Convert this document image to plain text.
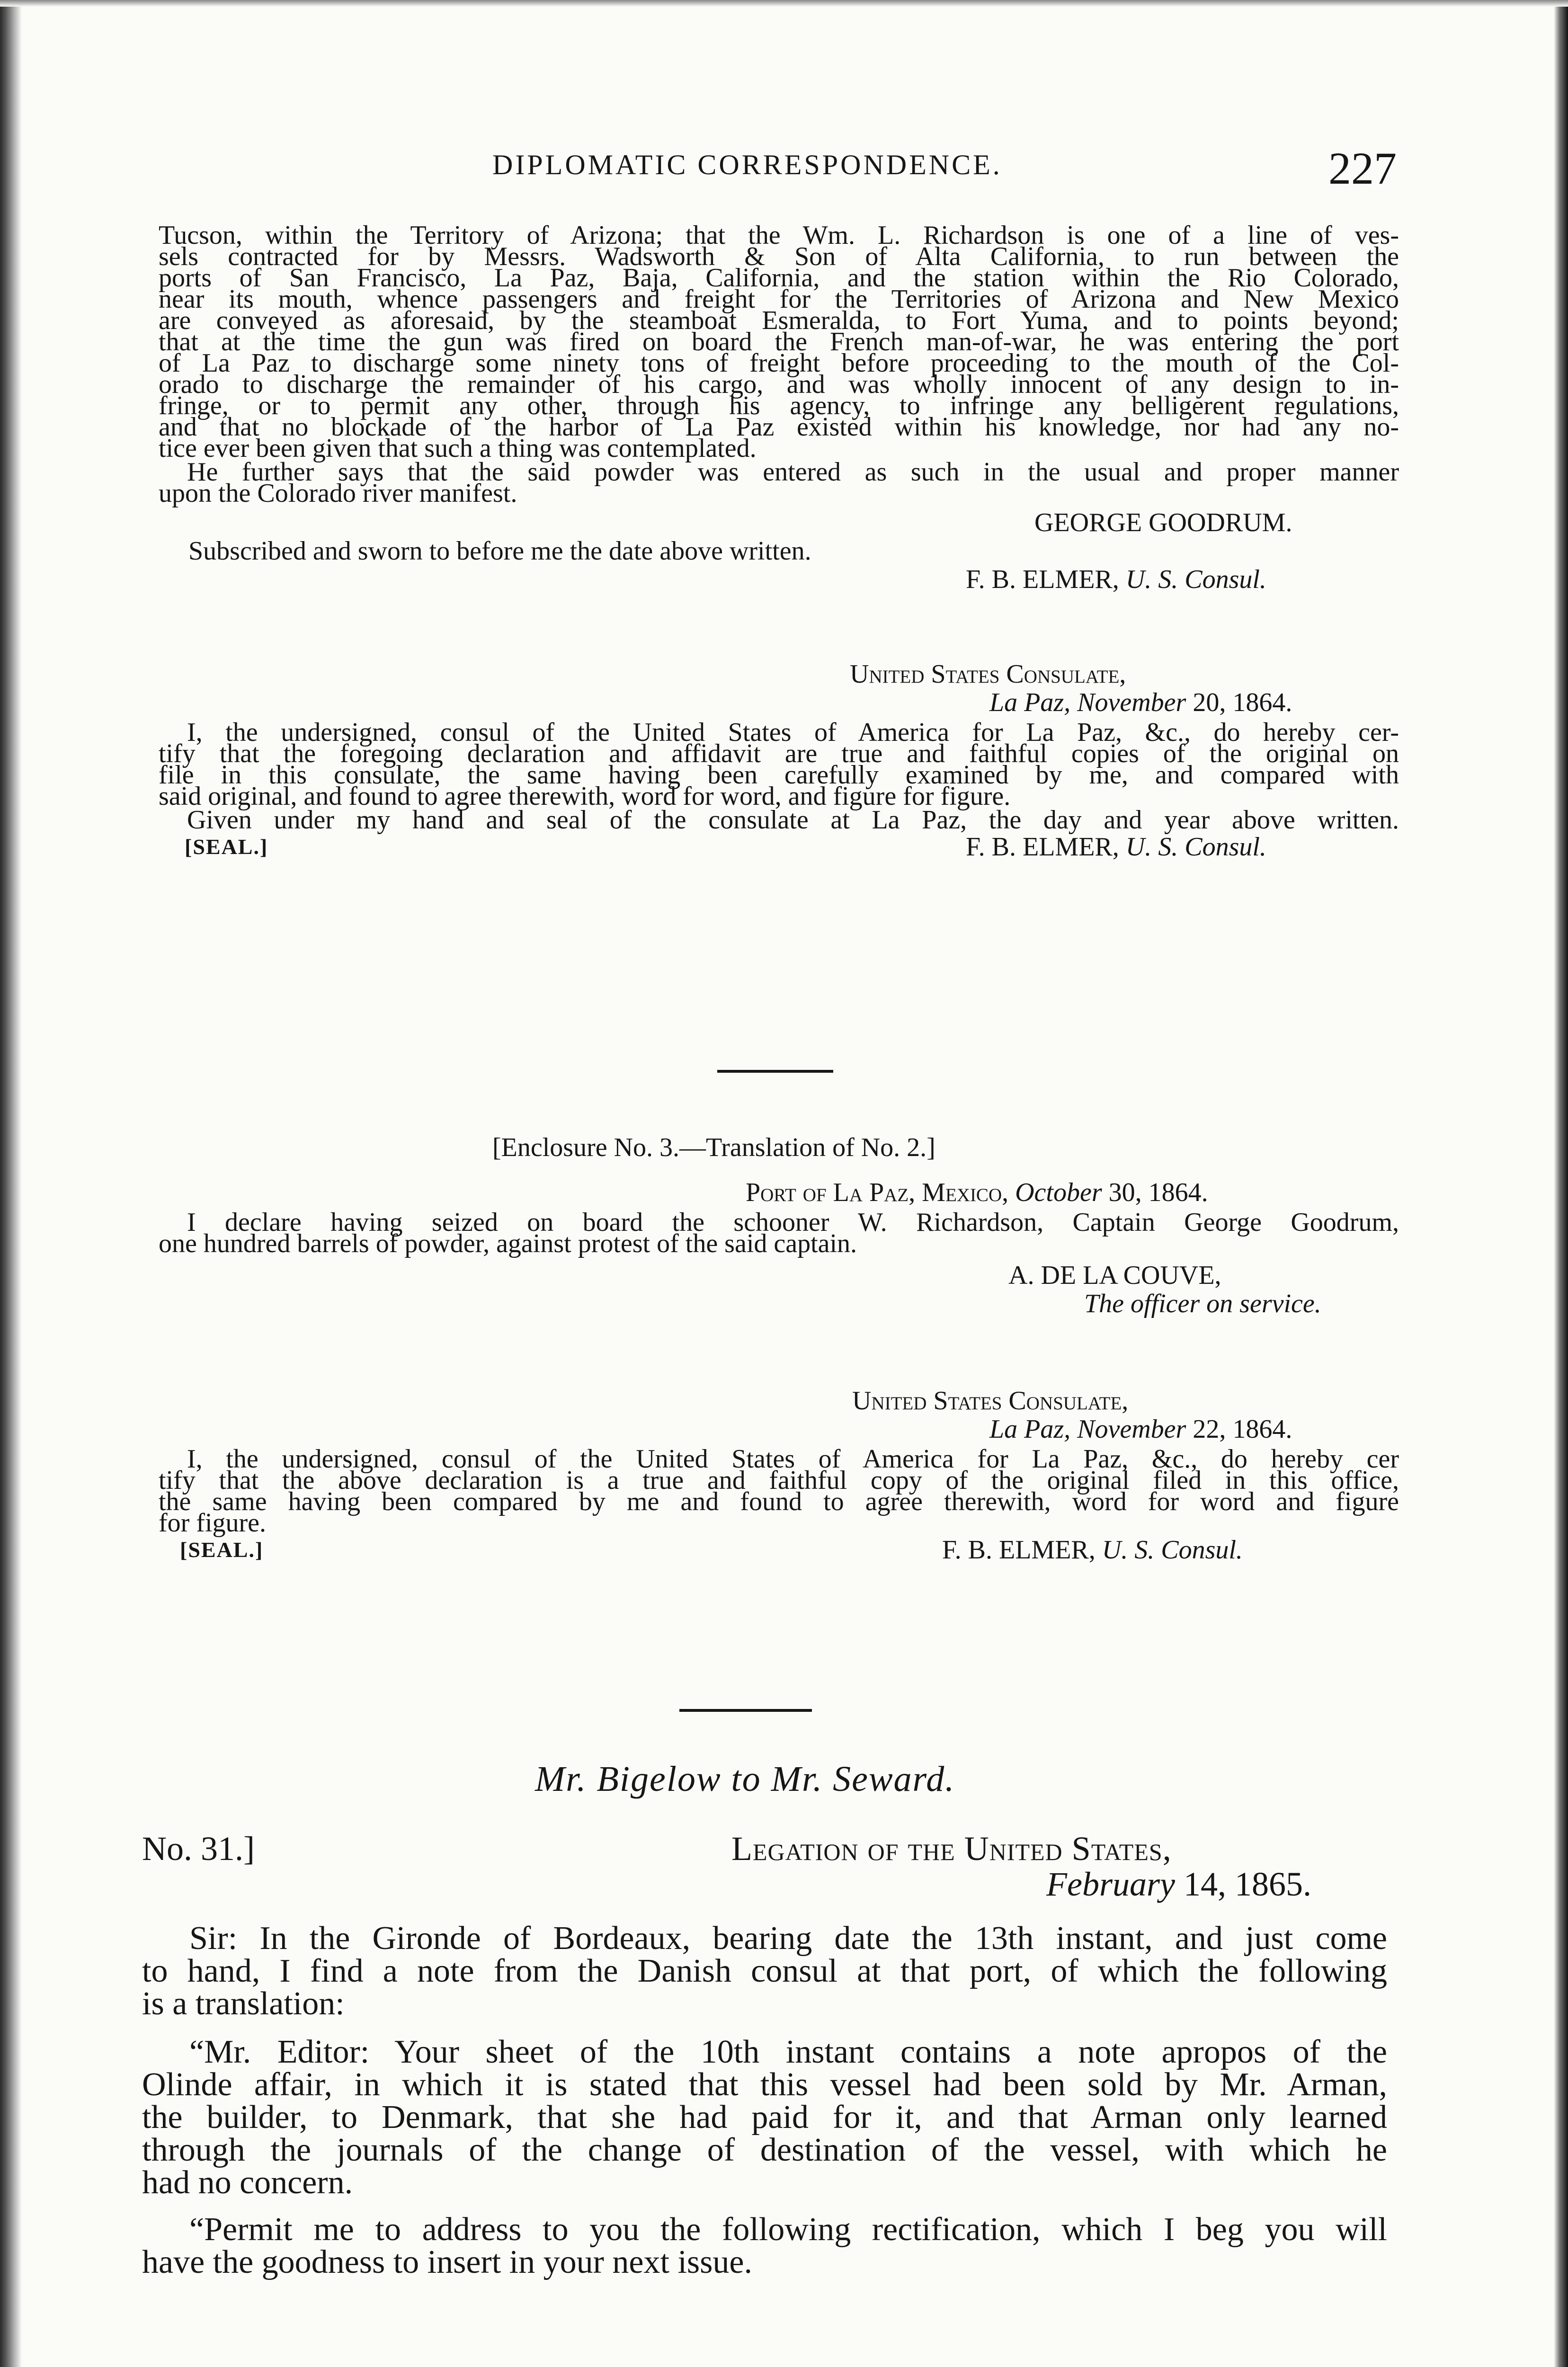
DIPLOMATIC CORRESPONDENCE.	227

Tucson, within the Territory of Arizona; that the Wm. L. Richardson is one of a line of ves-

sels contracted for by Messrs. Wadsworth & Son of Alta California, to run between the

ports of San Francisco, La Paz, Baja, California, and the station within the Rio Colorado,

near its mouth, whence passengers and freight for the Territories of Arizona and New Mexico

are conveyed as aforesaid, by the steamboat Esmeralda, to Fort Yuma, and to points beyond;

that at the time the gun was fired on board the French man-of-war, he was entering the port

of La Paz to discharge some ninety tons of freight before proceeding to the mouth of the Col-

orado to discharge the remainder of his cargo, and was wholly innocent of any design to in-

fringe, or to permit any other, through his agency, to infringe any belligerent regulations,

and that no blockade of the harbor of La Paz existed within his knowledge, nor had any no-

tice ever been given that such a thing was contemplated.

He further says that the said powder was entered as such in the usual and proper manner

upon the Colorado river manifest.

GEORGE GOODRUM.
Subscribed and sworn to before me the date above written.
F. B. ELMER, U. S. Consul.
United States Consulate,
La Paz, November 20, 1864.

I, the undersigned, consul of the United States of America for La Paz, &c., do hereby cer-

tify that the foregoing declaration and affidavit are true and faithful copies of the original on

file in this consulate, the same having been carefully examined by me, and compared with

said original, and found to agree therewith, word for word, and figure for figure.

Given under my hand and seal of the consulate at La Paz, the day and year above written.

[SEAL.]	F. B. ELMER, U. S. Consul.
[Enclosure No. 3.—Translation of No. 2.]
Port of La Paz, Mexico, October 30, 1864.

I declare having seized on board the schooner W. Richardson, Captain George Goodrum,

one hundred barrels of powder, against protest of the said captain.

A. DE LA COUVE,
The officer on service.
United States Consulate,
La Paz, November 22, 1864.

I, the undersigned, consul of the United States of America for La Paz, &c., do hereby cer

tify that the above declaration is a true and faithful copy of the original filed in this office,

the same having been compared by me and found to agree therewith, word for word and figure

for figure.

[SEAL.]	F. B. ELMER, U. S. Consul.
Mr. Bigelow to Mr. Seward.
No. 31.]	Legation of the United States,
February 14, 1865.

Sir: In the Gironde of Bordeaux, bearing date the 13th instant, and just come

to hand, I find a note from the Danish consul at that port, of which the following

is a translation:

“Mr. Editor: Your sheet of the 10th instant contains a note apropos of the

Olinde affair, in which it is stated that this vessel had been sold by Mr. Arman,

the builder, to Denmark, that she had paid for it, and that Arman only learned

through the journals of the change of destination of the vessel, with which he

had no concern.

“Permit me to address to you the following rectification, which I beg you will

have the goodness to insert in your next issue.
